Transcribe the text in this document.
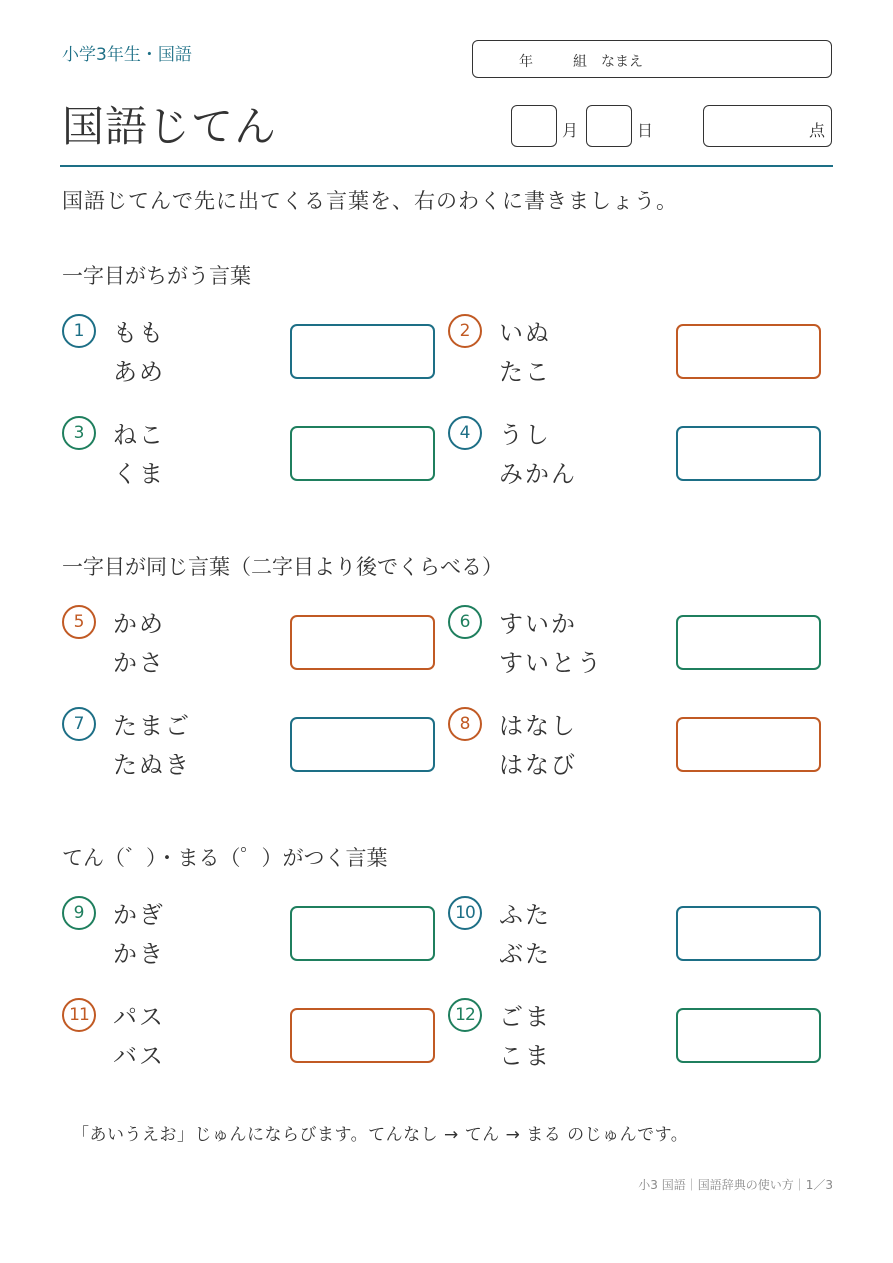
小学3年生・国語	年	組 なまえ
国語じてん	月	日	点
国語じてんで先に出てくる言葉を、右のわくに書きましょう。
一字目がちがう言葉
一字目が同じ言葉（二字目より後でくらべる）
てん（゛）・まる（゜）がつく言葉
1	もも
あめ
2	いぬ
たこ
3	ねこ
くま
4	うし
みかん
5	かめ
かさ
6	すいか
すいとう
7	たまご
たぬき
8	はなし
はなび
9	かぎ
かき
10 ふた
ぶた
11 パス
バス
12 ごま
こま
「あいうえお」じゅんにならびます。てんなし → てん → まる のじゅんです。
小3 国語｜国語辞典の使い方｜1／3
